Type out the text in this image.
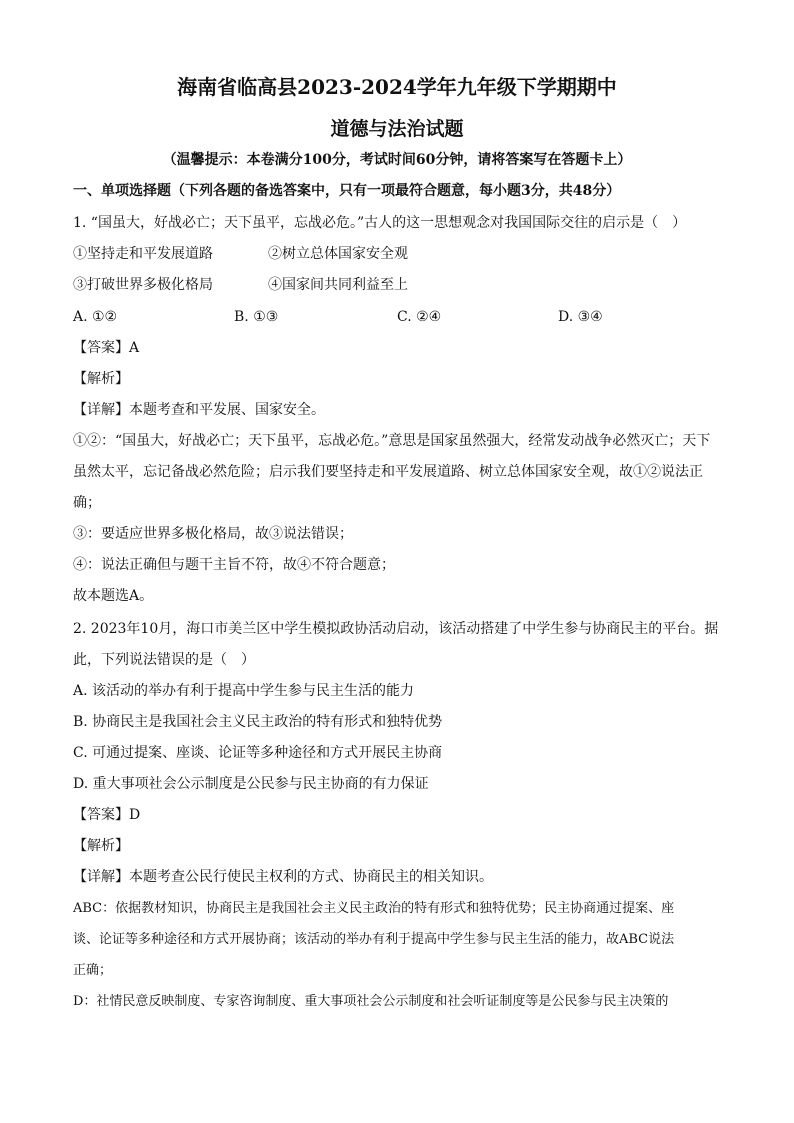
海南省临高县2023-2024学年九年级下学期期中
道德与法治试题
（温馨提示：本卷满分100分，考试时间60分钟，请将答案写在答题卡上）
一、单项选择题（下列各题的备选答案中，只有一项最符合题意，每小题3分，共48分）
1. “国虽大，好战必亡；天下虽平，忘战必危。”古人的这一思想观念对我国国际交往的启示是（　）
①坚持走和平发展道路	②树立总体国家安全观
③打破世界多极化格局	④国家间共同利益至上
A. ①②	B. ①③	C. ②④	D. ③④
【答案】A
【解析】
【详解】本题考查和平发展、国家安全。
①②：“国虽大，好战必亡；天下虽平，忘战必危。”意思是国家虽然强大，经常发动战争必然灭亡；天下
虽然太平，忘记备战必然危险；启示我们要坚持走和平发展道路、树立总体国家安全观，故①②说法正
确；
③：要适应世界多极化格局，故③说法错误；
④：说法正确但与题干主旨不符，故④不符合题意；
故本题选A。
2. 2023年10月，海口市美兰区中学生模拟政协活动启动，该活动搭建了中学生参与协商民主的平台。据
此，下列说法错误的是（　）
A. 该活动的举办有利于提高中学生参与民主生活的能力
B. 协商民主是我国社会主义民主政治的特有形式和独特优势
C. 可通过提案、座谈、论证等多种途径和方式开展民主协商
D. 重大事项社会公示制度是公民参与民主协商的有力保证
【答案】D
【解析】
【详解】本题考查公民行使民主权利的方式、协商民主的相关知识。
ABC：依据教材知识，协商民主是我国社会主义民主政治的特有形式和独特优势；民主协商通过提案、座
谈、论证等多种途径和方式开展协商；该活动的举办有利于提高中学生参与民主生活的能力，故ABC说法
正确；
D：社情民意反映制度、专家咨询制度、重大事项社会公示制度和社会听证制度等是公民参与民主决策的
